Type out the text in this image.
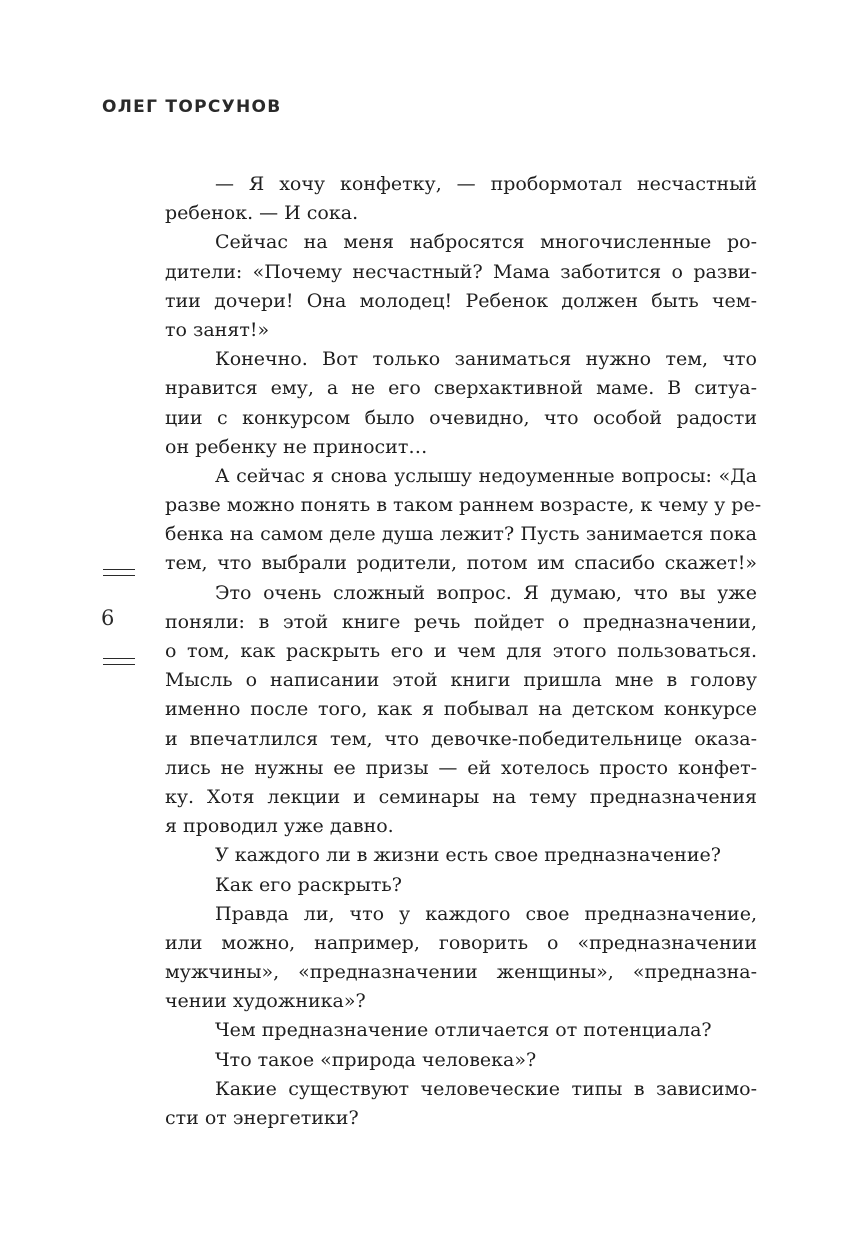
ОЛЕГ ТОРСУНОВ
6
— Я хочу конфетку, — пробормотал несчастный
ребенок. — И сока.
Сейчас на меня набросятся многочисленные ро-
дители: «Почему несчастный? Мама заботится о разви-
тии дочери! Она молодец! Ребенок должен быть чем-
то занят!»
Конечно. Вот только заниматься нужно тем, что
нравится ему, а не его сверхактивной маме. В ситуа-
ции с конкурсом было очевидно, что особой радости
он ребенку не приносит…
А сейчас я снова услышу недоуменные вопросы: «Да
разве можно понять в таком раннем возрасте, к чему у ре-
бенка на самом деле душа лежит? Пусть занимается пока
тем, что выбрали родители, потом им спасибо скажет!»
Это очень сложный вопрос. Я думаю, что вы уже
поняли: в этой книге речь пойдет о предназначении,
о том, как раскрыть его и чем для этого пользоваться.
Мысль о написании этой книги пришла мне в голову
именно после того, как я побывал на детском конкурсе
и впечатлился тем, что девочке-победительнице оказа-
лись не нужны ее призы — ей хотелось просто конфет-
ку. Хотя лекции и семинары на тему предназначения
я проводил уже давно.
У каждого ли в жизни есть свое предназначение?
Как его раскрыть?
Правда ли, что у каждого свое предназначение,
или можно, например, говорить о «предназначении
мужчины», «предназначении женщины», «предназна-
чении художника»?
Чем предназначение отличается от потенциала?
Что такое «природа человека»?
Какие существуют человеческие типы в зависимо-
сти от энергетики?
